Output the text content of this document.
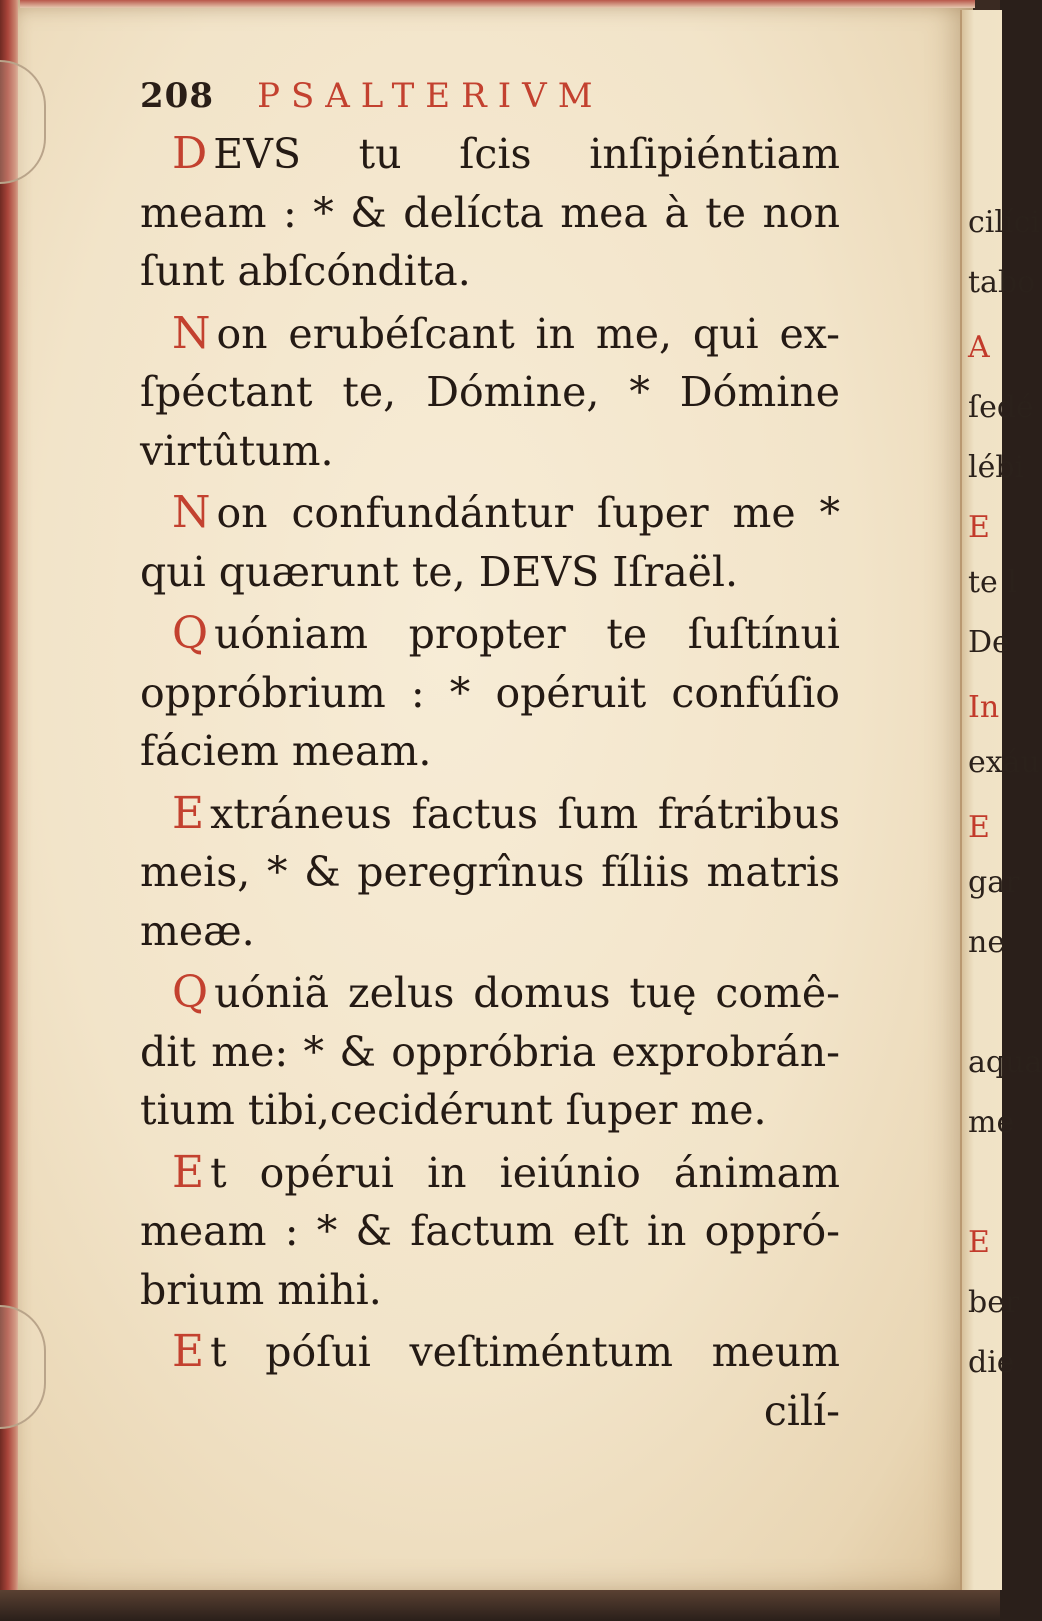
cilíci
tabo
A
ſedé
lébi
E
te l
De
In
exáu
E
gar
ne
aqua
me
E
ber
die
208 PSALTERIVM
D EVS tu ſcis inſipiéntiam
meam : * & delícta mea à te non
ſunt abſcóndita.
N on erubéſcant in me, qui ex-
ſpéctant te, Dómine, * Dómine
virtûtum.
N on confundántur ſuper me *
qui quærunt te, DEVS Iſraël.
Q uóniam propter te ſuſtínui
oppróbrium : * opéruit confúſio
fáciem meam.
E xtráneus factus ſum frátribus
meis, * & peregrînus fíliis matris
meæ.
Q uóniã zelus domus tuę comê-
dit me: * & oppróbria exprobrán-
tium tibi,cecidérunt ſuper me.
E t opérui in ieiúnio ánimam
meam : * & factum eſt in oppró-
brium mihi.
E t póſui veſtiméntum meum
cilí-
